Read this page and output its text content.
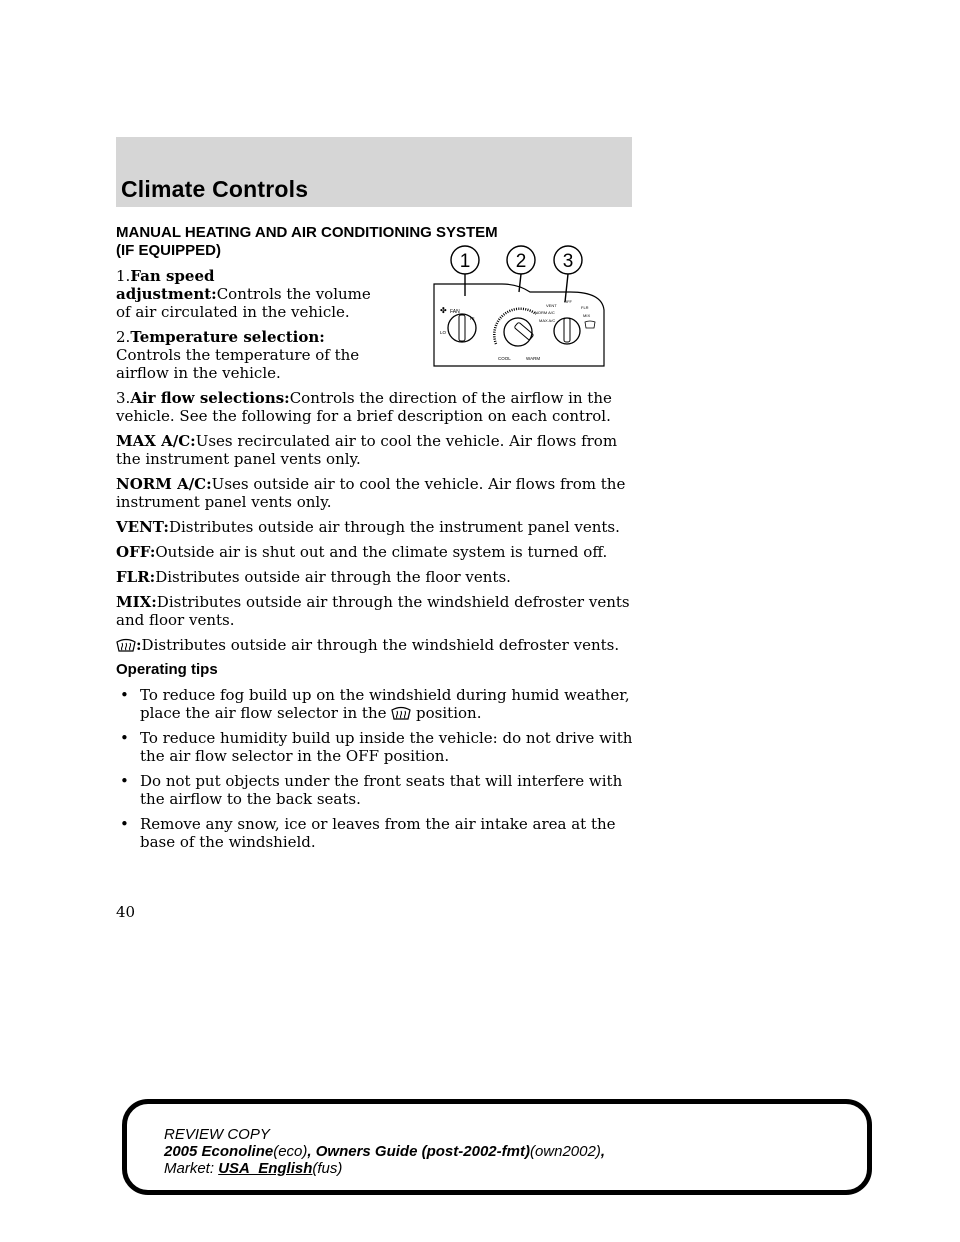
Climate Controls
MANUAL HEATING AND AIR CONDITIONING SYSTEM
(IF EQUIPPED)

1.Fan speed adjustment:Controls the volume of air circulated in the vehicle.

2.Temperature selection: Controls the temperature of the airflow in the vehicle.

3.Air flow selections:Controls the direction of the airflow in the vehicle. See the following for a brief description on each control.

MAX A/C:Uses recirculated air to cool the vehicle. Air flows from the instrument panel vents only.

NORM A/C:Uses outside air to cool the vehicle. Air flows from the instrument panel vents only.

VENT:Distributes outside air through the instrument panel vents.

OFF:Outside air is shut out and the climate system is turned off.

FLR:Distributes outside air through the floor vents.

MIX:Distributes outside air through the windshield defroster vents and floor vents.

:Distributes outside air through the windshield defroster vents.

Operating tips

• To reduce fog build up on the windshield during humid weather, place the air flow selector in the position.

• To reduce humidity build up inside the vehicle: do not drive with the air flow selector in the OFF position.

• Do not put objects under the front seats that will interfere with the airflow to the back seats.

• Remove any snow, ice or leaves from the air intake area at the base of the windshield.

1 2 3
✤ FAN
HI
LO
COOL	WARM
MAX A/C
NORM A/C
VENT
OFF
FLR
MIX
40
REVIEW COPY
2005 Econoline(eco), Owners Guide (post-2002-fmt)(own2002),
Market: USA_English(fus)
